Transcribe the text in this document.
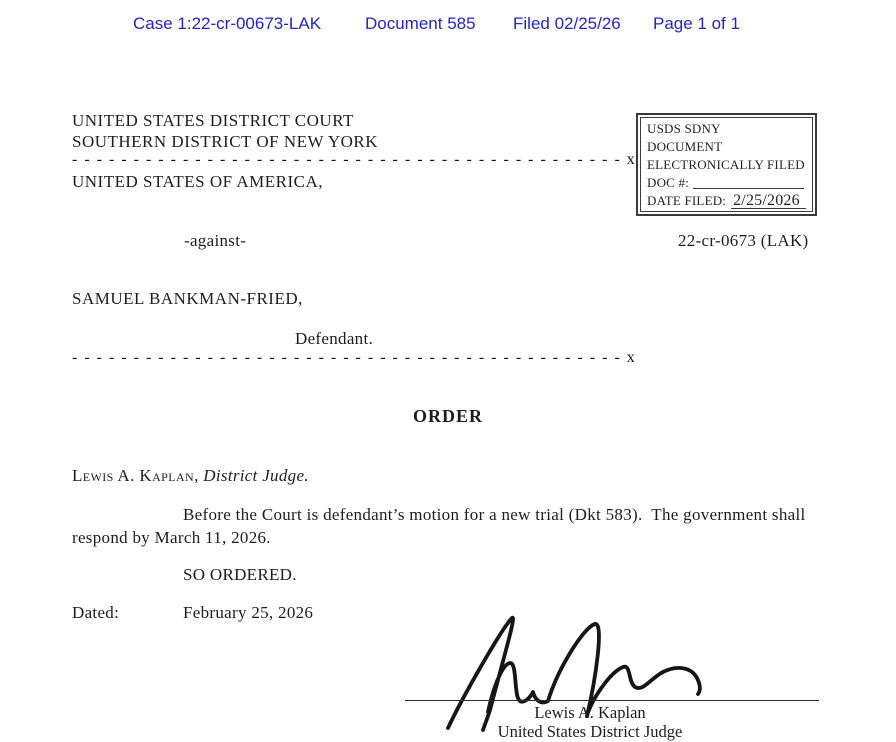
Case 1:22-cr-00673-LAK	Document 585 Filed 02/25/26 Page 1 of 1
UNITED STATES DISTRICT COURT
SOUTHERN DISTRICT OF NEW YORK
- - - - - - - - - - - - - - - - - - - - - - - - - - - - - - - - - - - - - - - - - - - - - x
UNITED STATES OF AMERICA,
USDS SDNY
DOCUMENT
ELECTRONICALLY FILED
DOC #:
DATE FILED: 2/25/2026
-against-	22-cr-0673 (LAK)
SAMUEL BANKMAN-FRIED,
Defendant.
- - - - - - - - - - - - - - - - - - - - - - - - - - - - - - - - - - - - - - - - - - - - - x
ORDER
Lewis A. Kaplan, District Judge.
Before the Court is defendant’s motion for a new trial (Dkt 583).  The government shall
respond by March 11, 2026.
SO ORDERED.
Dated:	February 25, 2026
Lewis A. Kaplan
United States District Judge
